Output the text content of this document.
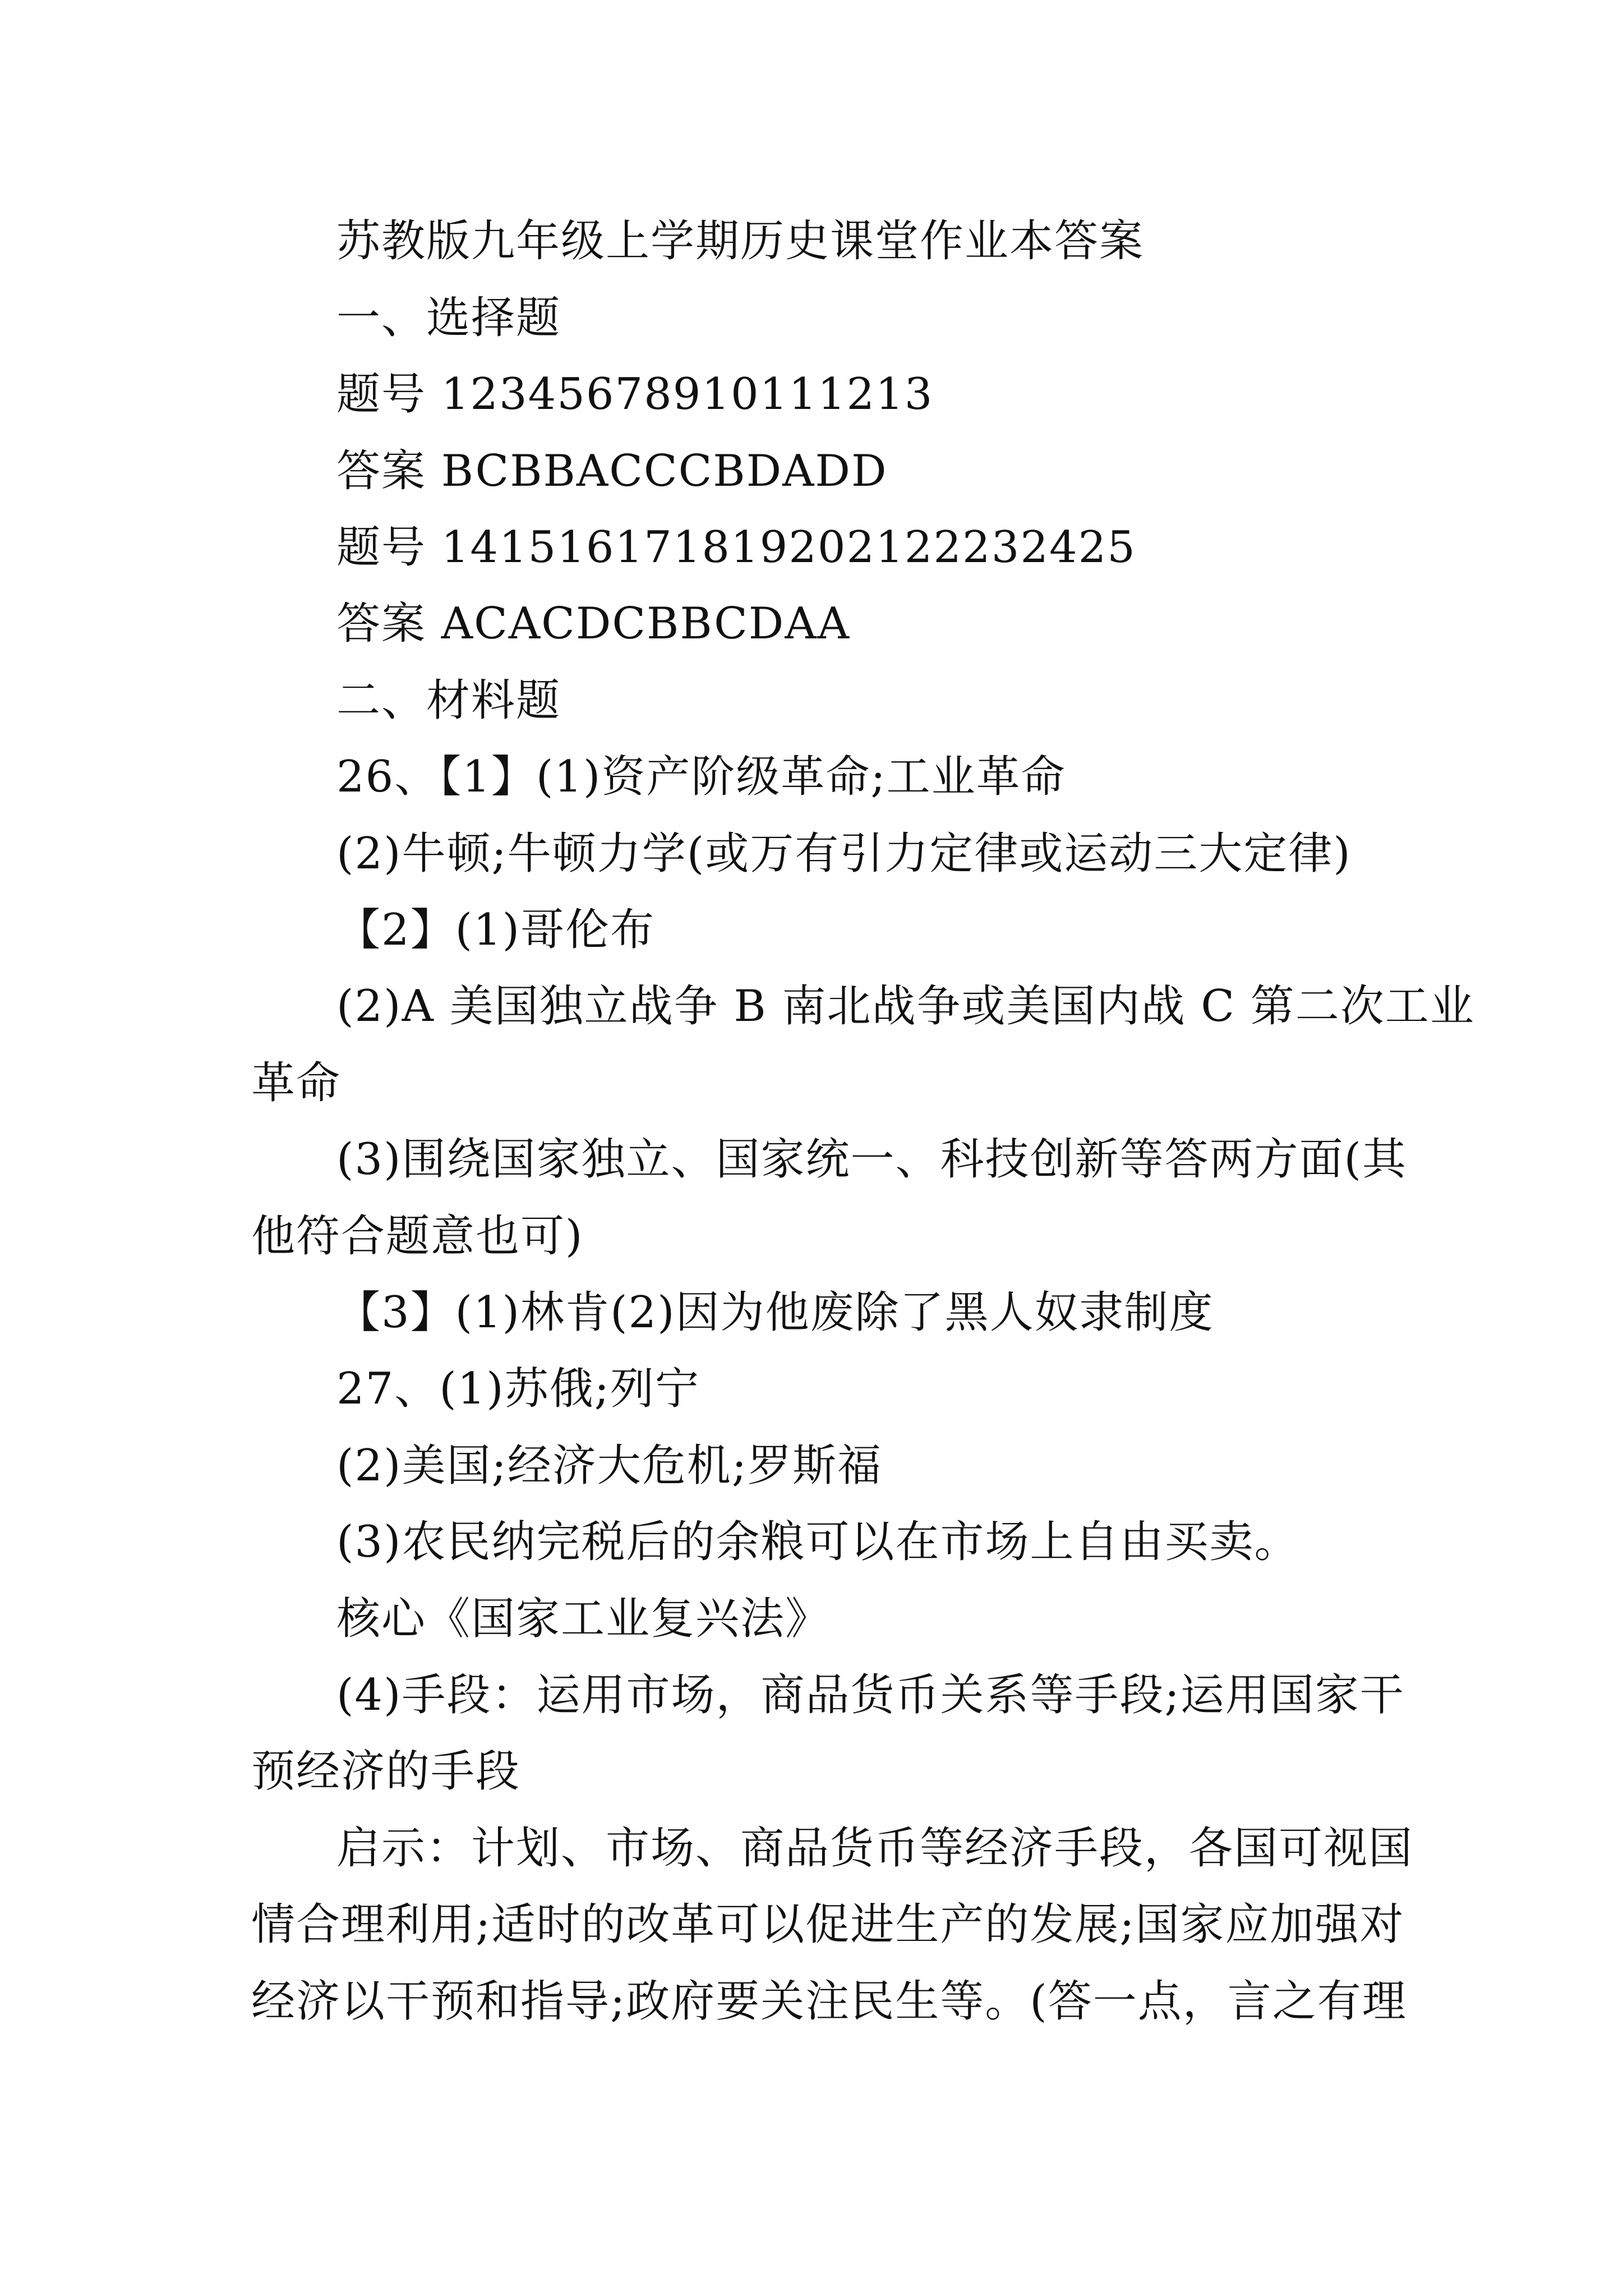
苏教版九年级上学期历史课堂作业本答案
一、选择题
题号 12345678910111213
答案 BCBBACCCBDADD
题号 141516171819202122232425
答案 ACACDCBBCDAA
二、材料题
26、【1】(1)资产阶级革命;工业革命
(2)牛顿;牛顿力学(或万有引力定律或运动三大定律)
【2】(1)哥伦布
(2)A 美国独立战争 B 南北战争或美国内战 C 第二次工业
革命
(3)围绕国家独立、国家统一、科技创新等答两方面(其
他符合题意也可)
【3】(1)林肯(2)因为他废除了黑人奴隶制度
27、(1)苏俄;列宁
(2)美国;经济大危机;罗斯福
(3)农民纳完税后的余粮可以在市场上自由买卖。
核心《国家工业复兴法》
(4)手段：运用市场，商品货币关系等手段;运用国家干
预经济的手段
启示：计划、市场、商品货币等经济手段，各国可视国
情合理利用;适时的改革可以促进生产的发展;国家应加强对
经济以干预和指导;政府要关注民生等。(答一点，言之有理
